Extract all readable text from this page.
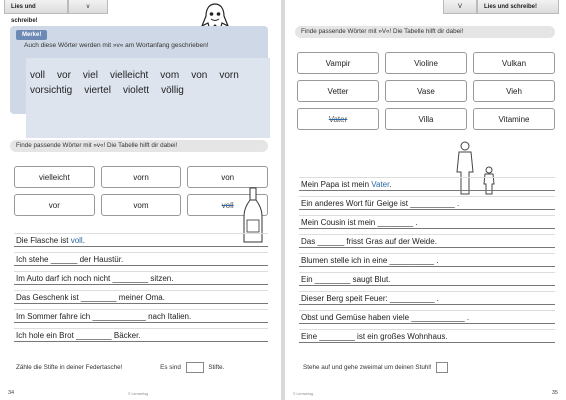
Lies und schreibe!
v
Merke!
Auch diese Wörter werden mit »v« am Wortanfang geschrieben!
voll vor viel vielleicht vom von vorn
vorsichtig viertel violett völlig
Finde passende Wörter mit »v«! Die Tabelle hilft dir dabei!
vielleicht	vorn	von
vor	vom	voll
Die Flasche ist voll.
Ich stehe ______ der Haustür.
Im Auto darf ich noch nicht ________ sitzen.
Das Geschenk ist ________ meiner Oma.
Im Sommer fahre ich ____________ nach Italien.
Ich hole ein Brot ________ Bäcker.
Zähle die Stifte in deiner Federtasche!	Es sind	Stifte.
34	© Lernverlag
V	Lies und schreibe!
Finde passende Wörter mit »V«! Die Tabelle hilft dir dabei!
Vampir	Violine	Vulkan
Vetter	Vase	Vieh
Vater	Villa	Vitamine
Mein Papa ist mein Vater.
Ein anderes Wort für Geige ist __________ .
Mein Cousin ist mein ________ .
Das ______ frisst Gras auf der Weide.
Blumen stelle ich in eine __________ .
Ein ________ saugt Blut.
Dieser Berg speit Feuer: __________ .
Obst und Gemüse haben viele ____________ .
Eine ________ ist ein großes Wohnhaus.
Stehe auf und gehe zweimal um deinen Stuhl!
© Lernverlag	35
